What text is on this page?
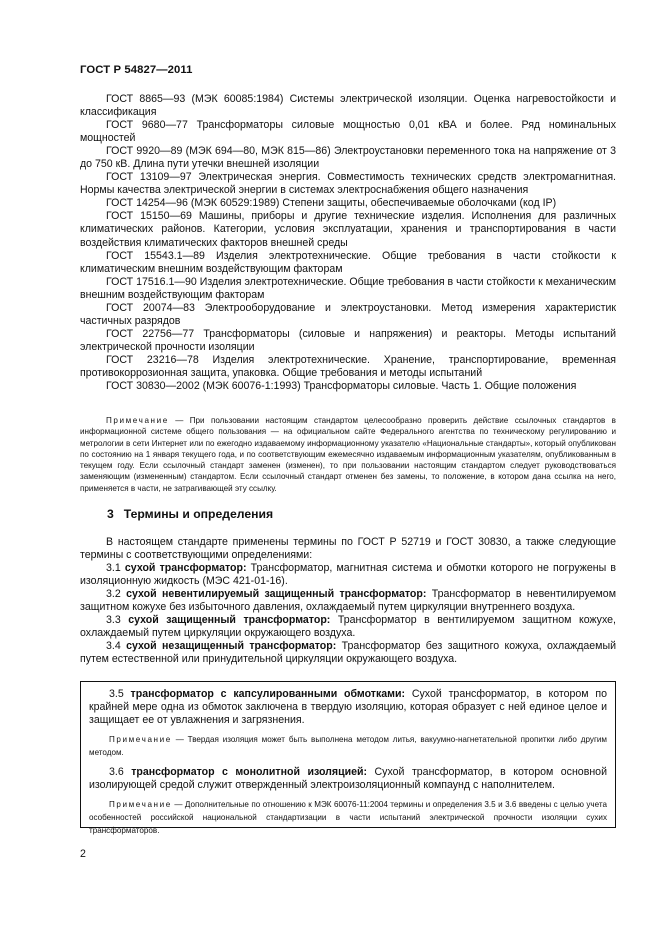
ГОСТ Р 54827—2011

ГОСТ 8865—93 (МЭК 60085:1984) Системы электрической изоляции. Оценка нагревостойкости и классификация

ГОСТ 9680—77 Трансформаторы силовые мощностью 0,01 кВА и более. Ряд номинальных мощностей

ГОСТ 9920—89 (МЭК 694—80, МЭК 815—86) Электроустановки переменного тока на напряжение от 3 до 750 кВ. Длина пути утечки внешней изоляции

ГОСТ 13109—97 Электрическая энергия. Совместимость технических средств электромагнитная. Нормы качества электрической энергии в системах электроснабжения общего назначения

ГОСТ 14254—96 (МЭК 60529:1989) Степени защиты, обеспечиваемые оболочками (код IP)

ГОСТ 15150—69 Машины, приборы и другие технические изделия. Исполнения для различных климатических районов. Категории, условия эксплуатации, хранения и транспортирования в части воздействия климатических факторов внешней среды

ГОСТ 15543.1—89 Изделия электротехнические. Общие требования в части стойкости к климатическим внешним воздействующим факторам

ГОСТ 17516.1—90 Изделия электротехнические. Общие требования в части стойкости к механическим внешним воздействующим факторам

ГОСТ 20074—83 Электрооборудование и электроустановки. Метод измерения характеристик частичных разрядов

ГОСТ 22756—77 Трансформаторы (силовые и напряжения) и реакторы. Методы испытаний электрической прочности изоляции

ГОСТ 23216—78 Изделия электротехнические. Хранение, транспортирование, временная противокоррозионная защита, упаковка. Общие требования и методы испытаний

ГОСТ 30830—2002 (МЭК 60076-1:1993) Трансформаторы силовые. Часть 1. Общие положения

Примечание — При пользовании настоящим стандартом целесообразно проверить действие ссылочных стандартов в информационной системе общего пользования — на официальном сайте Федерального агентства по техническому регулированию и метрологии в сети Интернет или по ежегодно издаваемому информационному указателю «Национальные стандарты», который опубликован по состоянию на 1 января текущего года, и по соответствующим ежемесячно издаваемым информационным указателям, опубликованным в текущем году. Если ссылочный стандарт заменен (изменен), то при пользовании настоящим стандартом следует руководствоваться заменяющим (измененным) стандартом. Если ссылочный стандарт отменен без замены, то положение, в котором дана ссылка на него, применяется в части, не затрагивающей эту ссылку.
3 Термины и определения

В настоящем стандарте применены термины по ГОСТ Р 52719 и ГОСТ 30830, а также следующие термины с соответствующими определениями:

3.1 сухой трансформатор: Трансформатор, магнитная система и обмотки которого не погружены в изоляционную жидкость (МЭС 421-01-16).

3.2 сухой невентилируемый защищенный трансформатор: Трансформатор в невентилируемом защитном кожухе без избыточного давления, охлаждаемый путем циркуляции внутреннего воздуха.

3.3 сухой защищенный трансформатор: Трансформатор в вентилируемом защитном кожухе, охлаждаемый путем циркуляции окружающего воздуха.

3.4 сухой незащищенный трансформатор: Трансформатор без защитного кожуха, охлаждаемый путем естественной или принудительной циркуляции окружающего воздуха.

3.5 трансформатор с капсулированными обмотками: Сухой трансформатор, в котором по крайней мере одна из обмоток заключена в твердую изоляцию, которая образует с ней единое целое и защищает ее от увлажнения и загрязнения.

Примечание — Твердая изоляция может быть выполнена методом литья, вакуумно-нагнетательной пропитки либо другим методом.

3.6 трансформатор с монолитной изоляцией: Сухой трансформатор, в котором основной изолирующей средой служит отвержденный электроизоляционный компаунд с наполнителем.

Примечание — Дополнительные по отношению к МЭК 60076-11:2004 термины и определения 3.5 и 3.6 введены с целью учета особенностей российской национальной стандартизации в части испытаний электрической прочности изоляции сухих трансформаторов.

2
